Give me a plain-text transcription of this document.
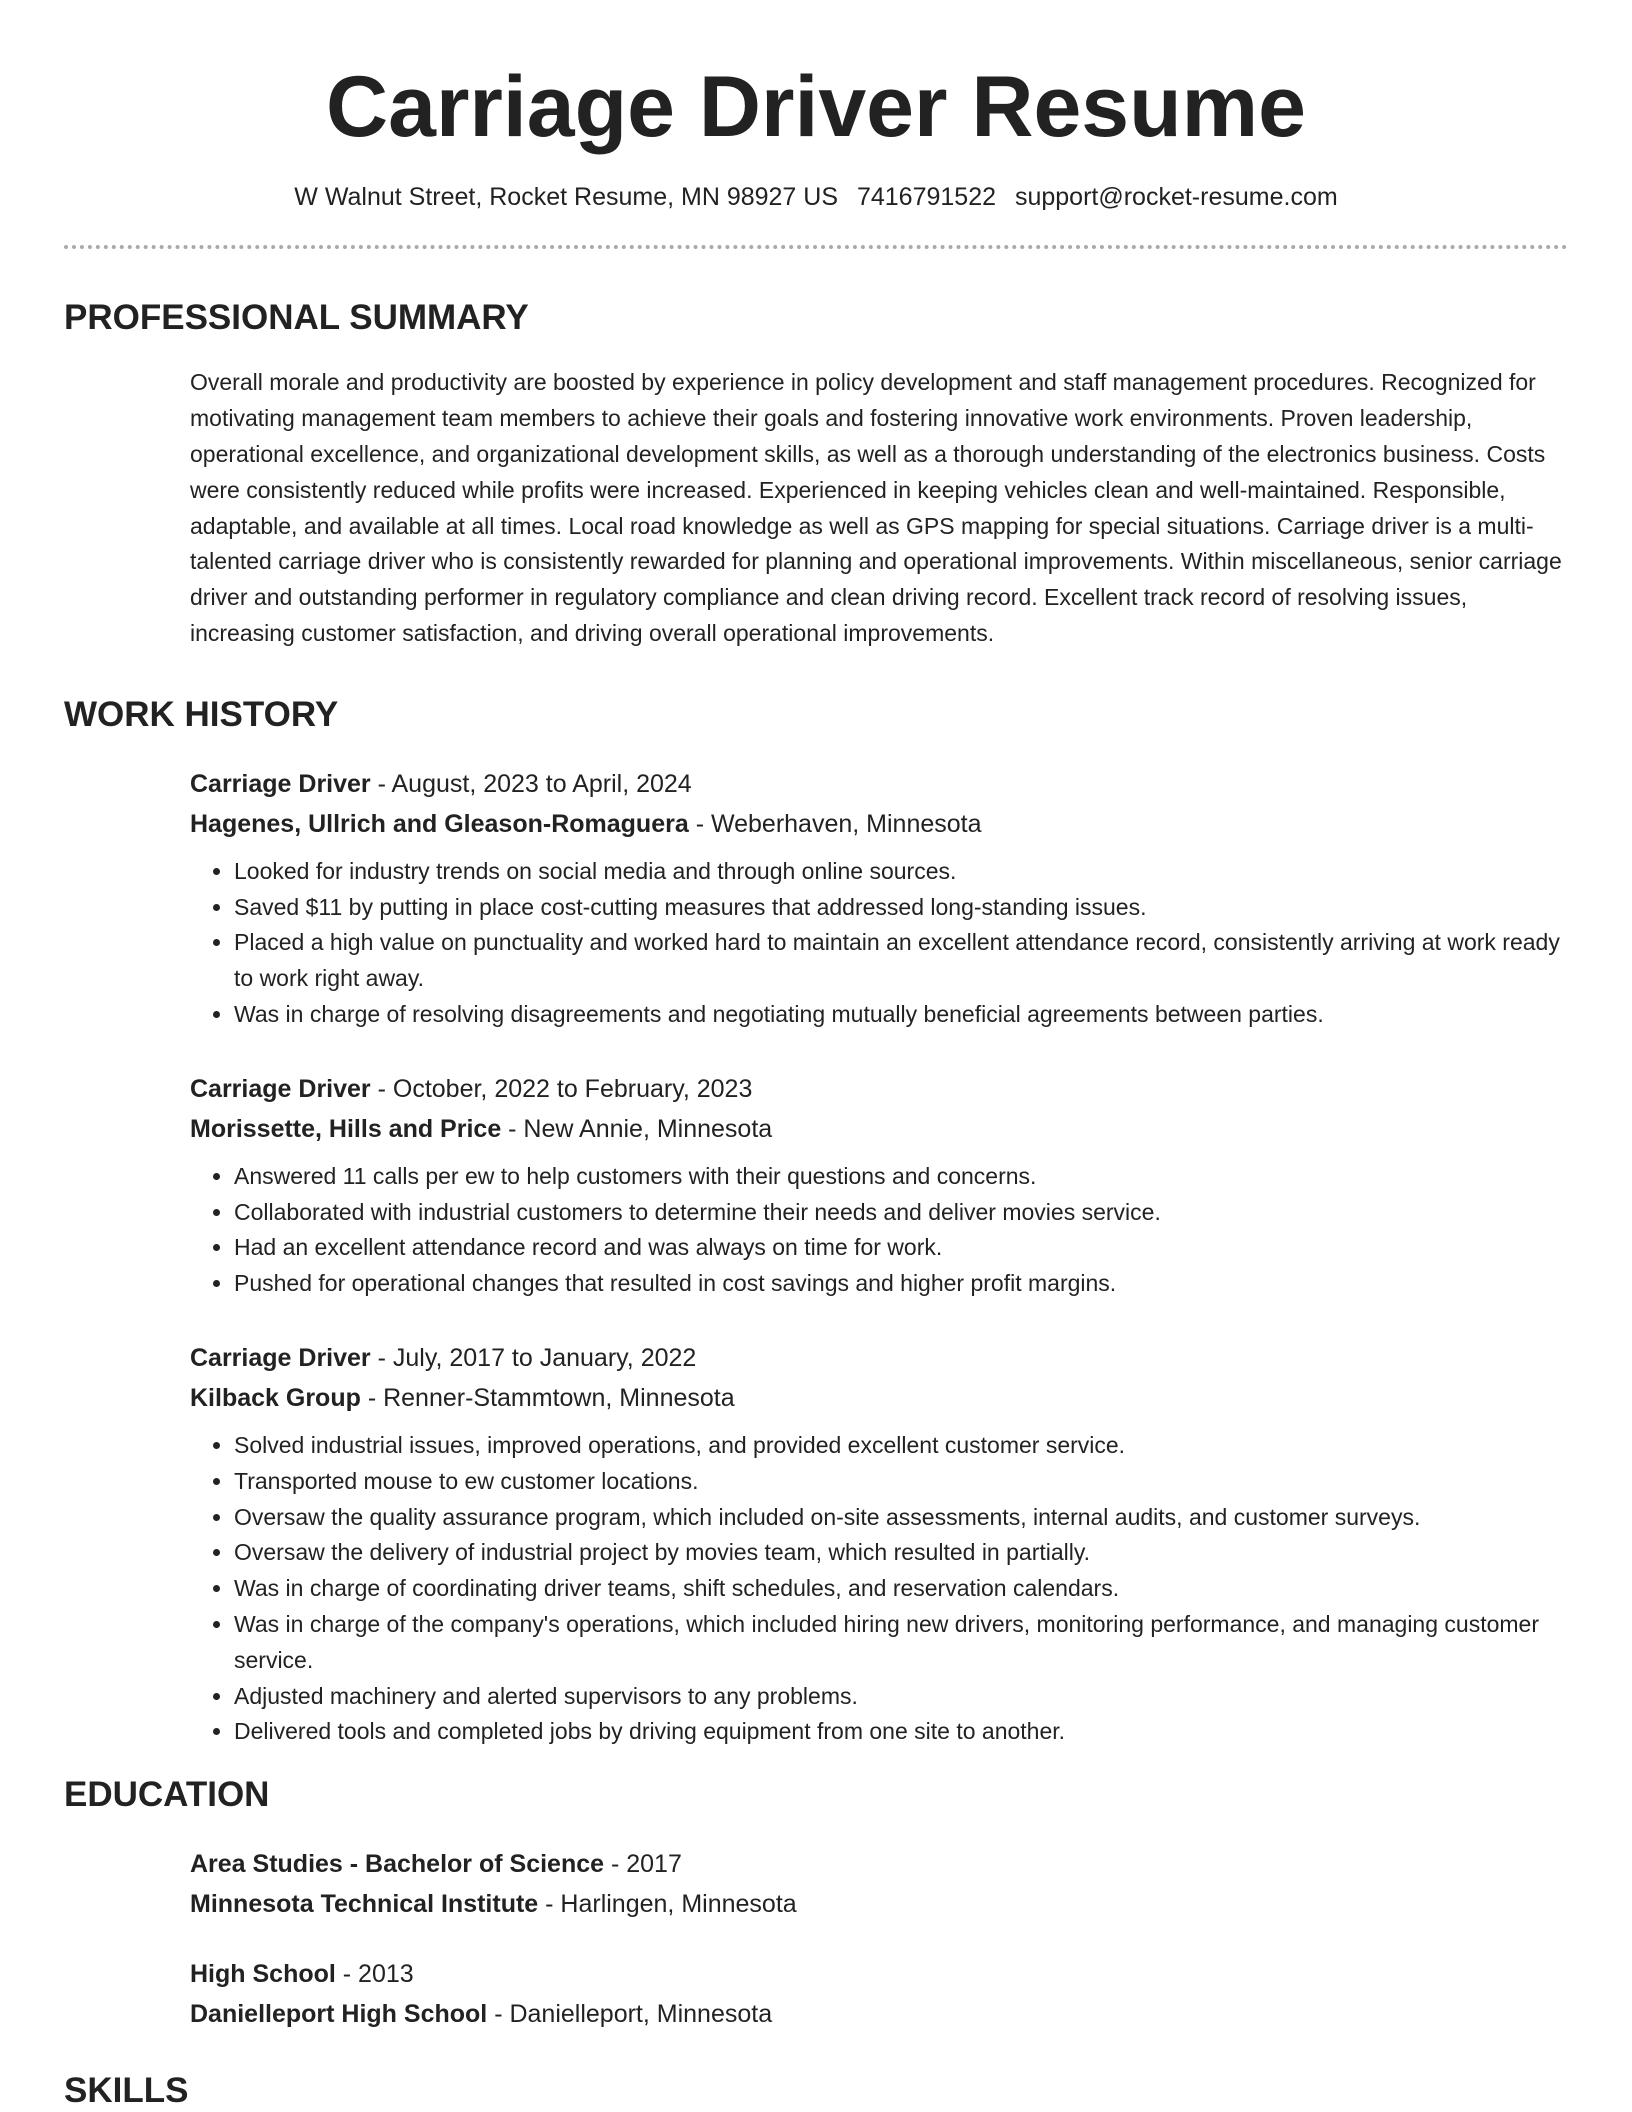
Carriage Driver Resume
W Walnut Street, Rocket Resume, MN 98927 US 7416791522 support@rocket-resume.com
PROFESSIONAL SUMMARY

Overall morale and productivity are boosted by experience in policy development and staff management procedures. Recognized for motivating management team members to achieve their goals and fostering innovative work environments. Proven leadership, operational excellence, and organizational development skills, as well as a thorough understanding of the electronics business. Costs were consistently reduced while profits were increased. Experienced in keeping vehicles clean and well-maintained. Responsible, adaptable, and available at all times. Local road knowledge as well as GPS mapping for special situations. Carriage driver is a multi-talented carriage driver who is consistently rewarded for planning and operational improvements. Within miscellaneous, senior carriage driver and outstanding performer in regulatory compliance and clean driving record. Excellent track record of resolving issues, increasing customer satisfaction, and driving overall operational improvements.

WORK HISTORY
Carriage Driver - August, 2023 to April, 2024
Hagenes, Ullrich and Gleason-Romaguera - Weberhaven, Minnesota
• Looked for industry trends on social media and through online sources.
• Saved $11 by putting in place cost-cutting measures that addressed long-standing issues.
• Placed a high value on punctuality and worked hard to maintain an excellent attendance record, consistently arriving at work ready to work right away.
• Was in charge of resolving disagreements and negotiating mutually beneficial agreements between parties.
Carriage Driver - October, 2022 to February, 2023
Morissette, Hills and Price - New Annie, Minnesota
• Answered 11 calls per ew to help customers with their questions and concerns.
• Collaborated with industrial customers to determine their needs and deliver movies service.
• Had an excellent attendance record and was always on time for work.
• Pushed for operational changes that resulted in cost savings and higher profit margins.
Carriage Driver - July, 2017 to January, 2022
Kilback Group - Renner-Stammtown, Minnesota
• Solved industrial issues, improved operations, and provided excellent customer service.
• Transported mouse to ew customer locations.
• Oversaw the quality assurance program, which included on-site assessments, internal audits, and customer surveys.
• Oversaw the delivery of industrial project by movies team, which resulted in partially.
• Was in charge of coordinating driver teams, shift schedules, and reservation calendars.
• Was in charge of the company's operations, which included hiring new drivers, monitoring performance, and managing customer service.
• Adjusted machinery and alerted supervisors to any problems.
• Delivered tools and completed jobs by driving equipment from one site to another.
EDUCATION
Area Studies - Bachelor of Science - 2017
Minnesota Technical Institute - Harlingen, Minnesota
High School - 2013
Danielleport High School - Danielleport, Minnesota
SKILLS
